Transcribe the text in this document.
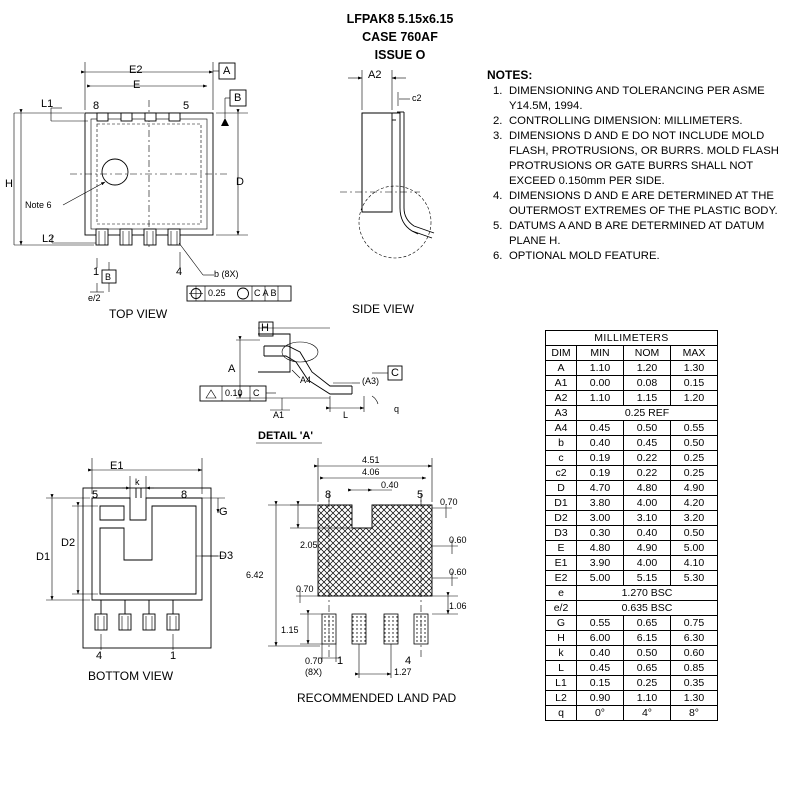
LFPAK8 5.15x6.15
CASE 760AF
ISSUE O
NOTES:
1. DIMENSIONING AND TOLERANCING PER ASME Y14.5M, 1994.
2. CONTROLLING DIMENSION: MILLIMETERS.
3. DIMENSIONS D AND E DO NOT INCLUDE MOLD FLASH, PROTRUSIONS, OR BURRS. MOLD FLASH PROTRUSIONS OR GATE BURRS SHALL NOT EXCEED 0.150mm PER SIDE.
4. DIMENSIONS D AND E ARE DETERMINED AT THE OUTERMOST EXTREMES OF THE PLASTIC BODY.
5. DATUMS A AND B ARE DETERMINED AT DATUM PLANE H.
6. OPTIONAL MOLD FEATURE.
E2
E
L1
L2
D
H
Note 6
8	5
1	4
A
B
B	b (8X)
e/2	0.25	C A B
TOP VIEW
A2
c2
SIDE VIEW
H
A
A4	(A3)
C
A1	L
q
0.10 C
DETAIL 'A'
E1
k
D1
D2
D3
G
5	8
4	1
BOTTOM VIEW
4.51
4.06
0.40
2.05
6.42
0.70
1.15
0.70
(8X)
0.70
0.60
0.60
1.06
1.27
8	5
1	4
RECOMMENDED LAND PAD
MILLIMETERS			
DIM	MIN	NOM	MAX
A	1.10	1.20	1.30
A1	0.00	0.08	0.15
A2	1.10	1.15	1.20
A3	0.25 REF		
A4	0.45	0.50	0.55
b	0.40	0.45	0.50
c	0.19	0.22	0.25
c2	0.19	0.22	0.25
D	4.70	4.80	4.90
D1	3.80	4.00	4.20
D2	3.00	3.10	3.20
D3	0.30	0.40	0.50
E	4.80	4.90	5.00
E1	3.90	4.00	4.10
E2	5.00	5.15	5.30
e	1.270 BSC		
e/2	0.635 BSC		
G	0.55	0.65	0.75
H	6.00	6.15	6.30
k	0.40	0.50	0.60
L	0.45	0.65	0.85
L1	0.15	0.25	0.35
L2	0.90	1.10	1.30
q	0°	4°	8°
